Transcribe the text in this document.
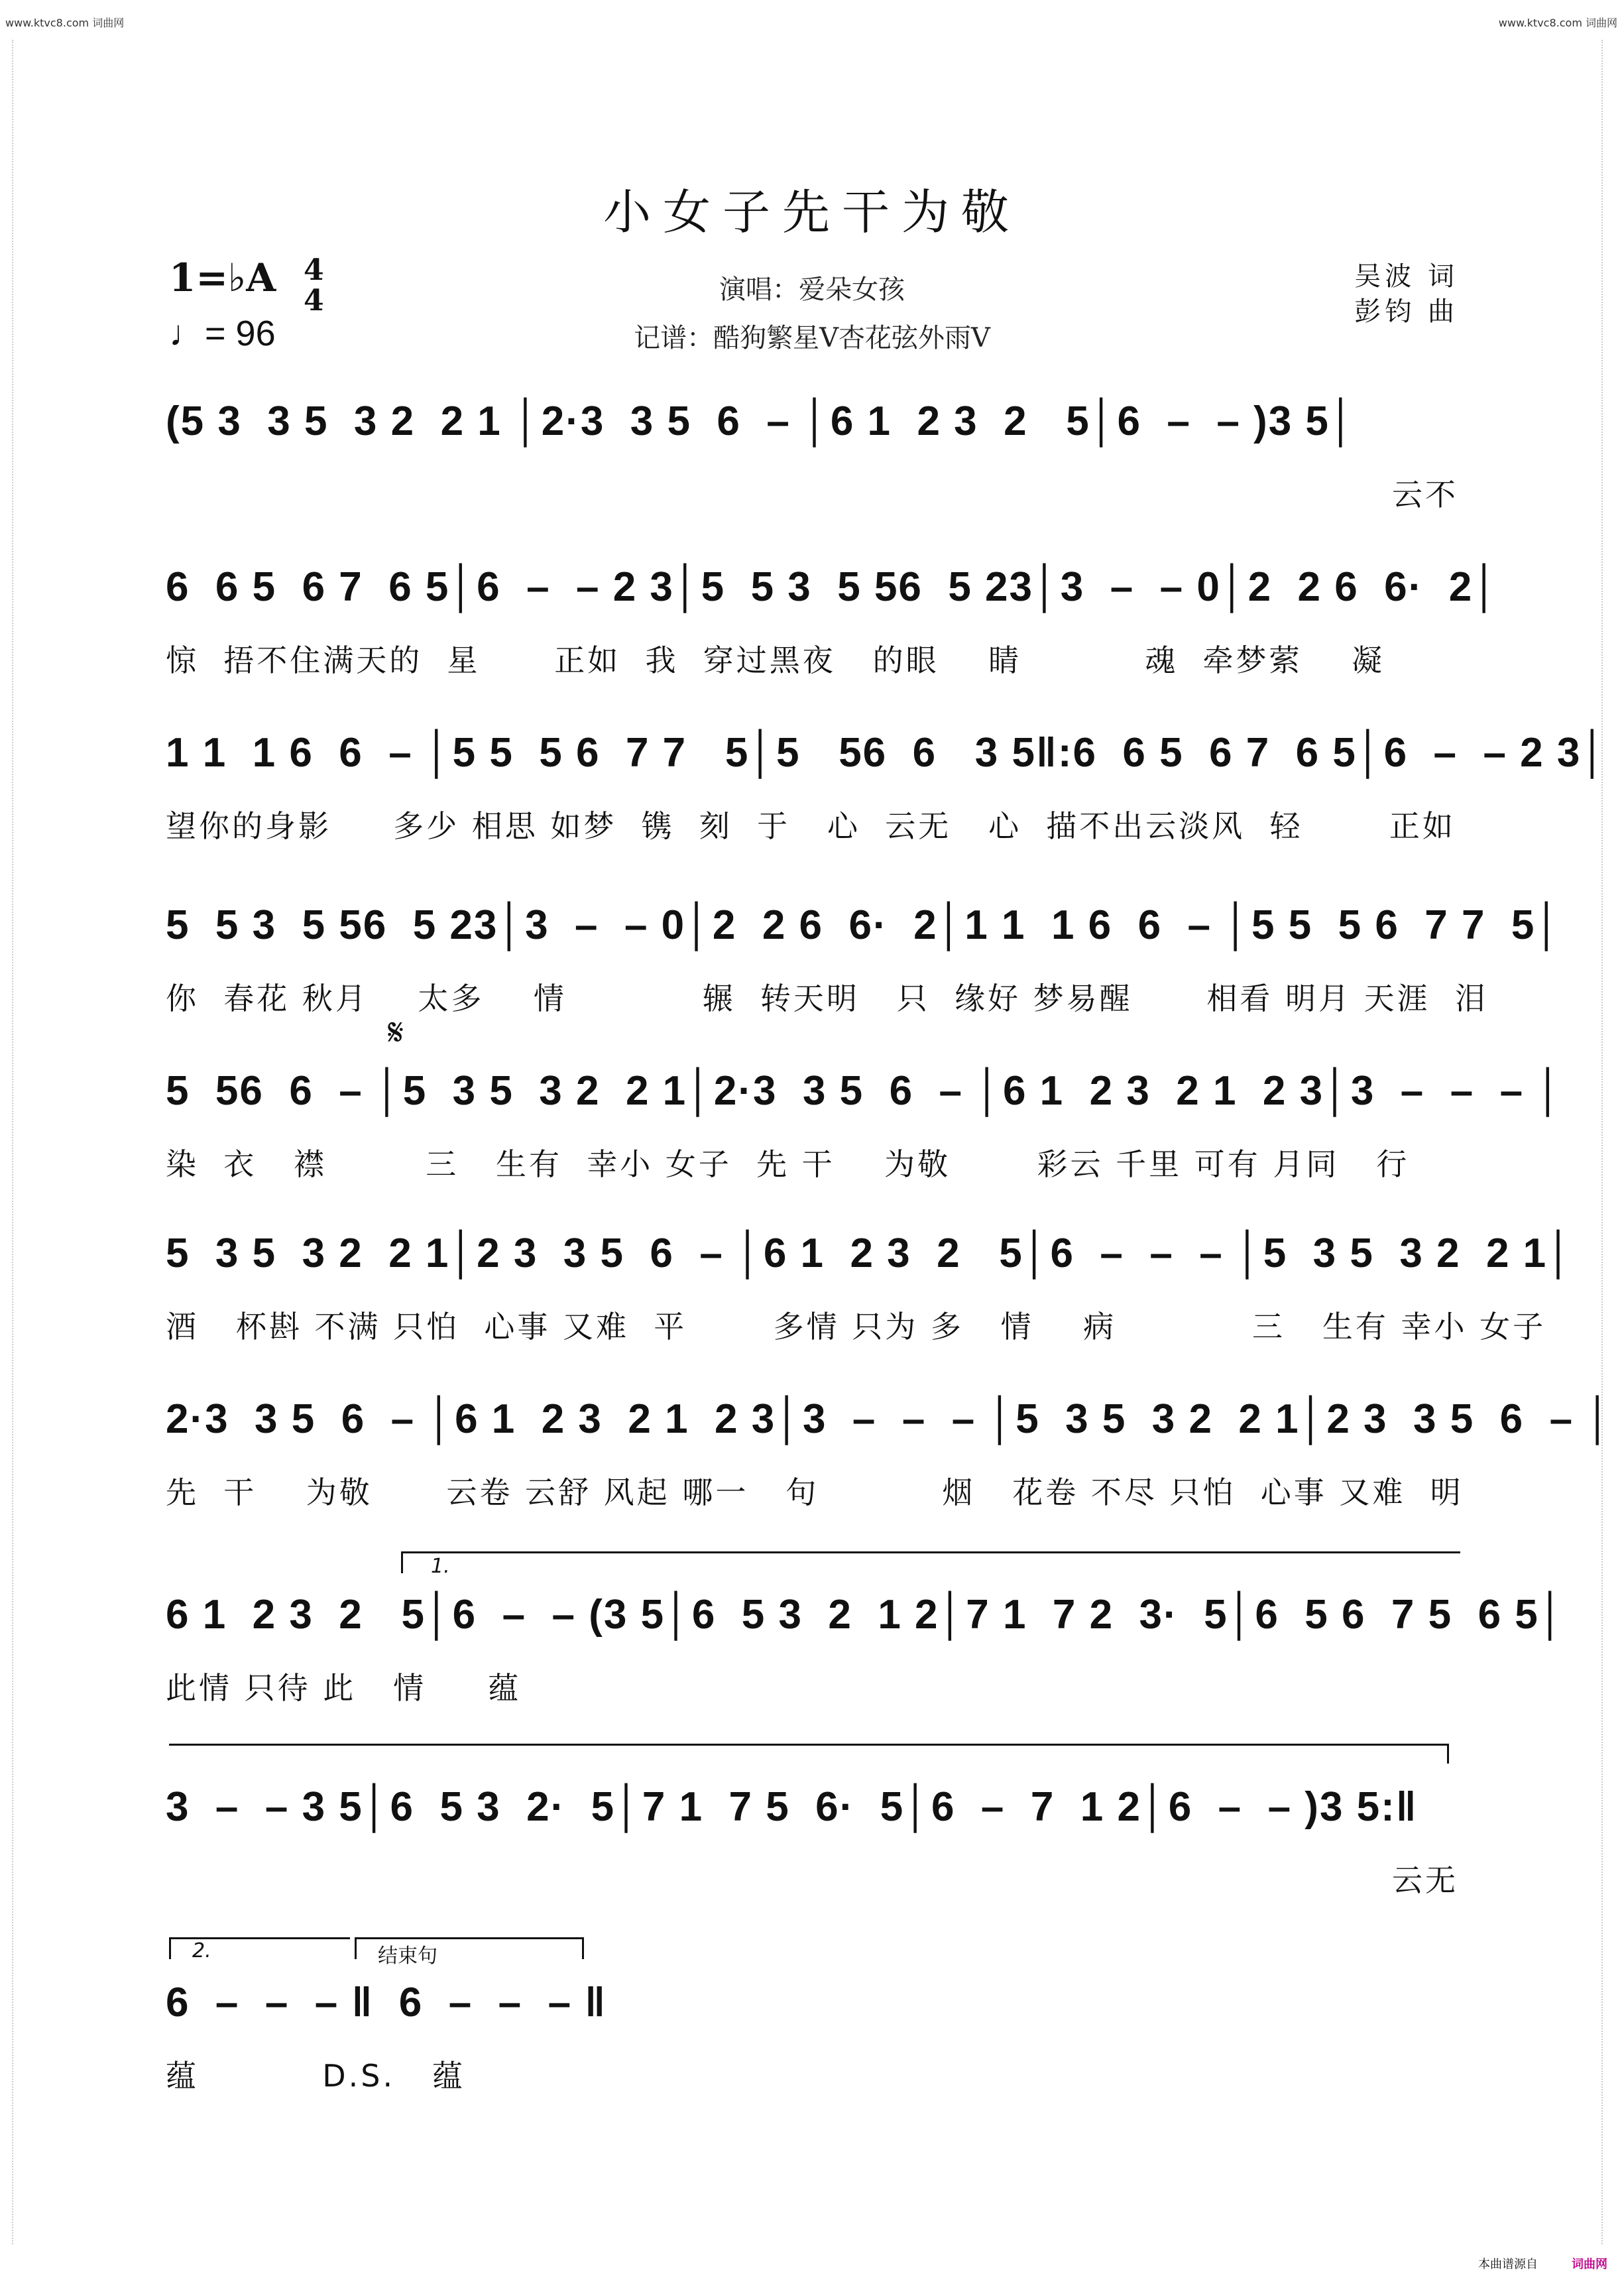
www.ktvc8.com 词曲网	www.ktvc8.com 词曲网
小女子先干为敬
1=♭A 4
4
♩= 96
演唱：爱朵女孩
记谱：酷狗繁星V杏花弦外雨V
吴波 词
彭钧 曲
(5 3  3 5  3 2  2 1 │2·3  3 5  6  – │6 1  2 3  2   5│6  –  – )3 5│
云不
6  6 5  6 7  6 5│6  –  – 2 3│5  5 3  5 56  5 23│3  –  – 0│2  2 6  6·  2│
惊  捂不住满天的  星      正如  我  穿过黑夜   的眼    睛          魂  牵梦萦    凝
1 1  1 6  6  – │5 5  5 6  7 7   5│5   56  6   3 5‖:6  6 5  6 7  6 5│6  –  – 2 3│
望你的身影     多少 相思 如梦  镌  刻  于   心  云无   心  描不出云淡风  轻       正如
5  5 3  5 56  5 23│3  –  – 0│2  2 6  6·  2│1 1  1 6  6  – │5 5  5 6  7 7  5│
你  春花 秋月    太多    情           辗  转天明   只  缘好 梦易醒      相看 明月 天涯  泪
𝄋
5  56  6  – │5  3 5  3 2  2 1│2·3  3 5  6  – │6 1  2 3  2 1  2 3│3  –  –  – │
染  衣   襟        三   生有  幸小 女子  先 干    为敬       彩云 千里 可有 月同   行
5  3 5  3 2  2 1│2 3  3 5  6  – │6 1  2 3  2   5│6  –  –  – │5  3 5  3 2  2 1│
酒   杯斟 不满 只怕  心事 又难  平       多情 只为 多   情    病           三   生有 幸小 女子
2·3  3 5  6  – │6 1  2 3  2 1  2 3│3  –  –  – │5  3 5  3 2  2 1│2 3  3 5  6  – │
先  干    为敬      云卷 云舒 风起 哪一   句          烟   花卷 不尽 只怕  心事 又难  明
1.
6 1  2 3  2   5│6  –  – (3 5│6  5 3  2  1 2│7 1  7 2  3·  5│6  5 6  7 5  6 5│
此情 只待 此   情     蕴
3  –  – 3 5│6  5 3  2·  5│7 1  7 5  6·  5│6  –  7  1 2│6  –  – )3 5:‖
云无
2.	结束句
6  –  –  – ‖  6  –  –  – ‖
蕴          D.S.   蕴
本曲谱源自	词曲网
